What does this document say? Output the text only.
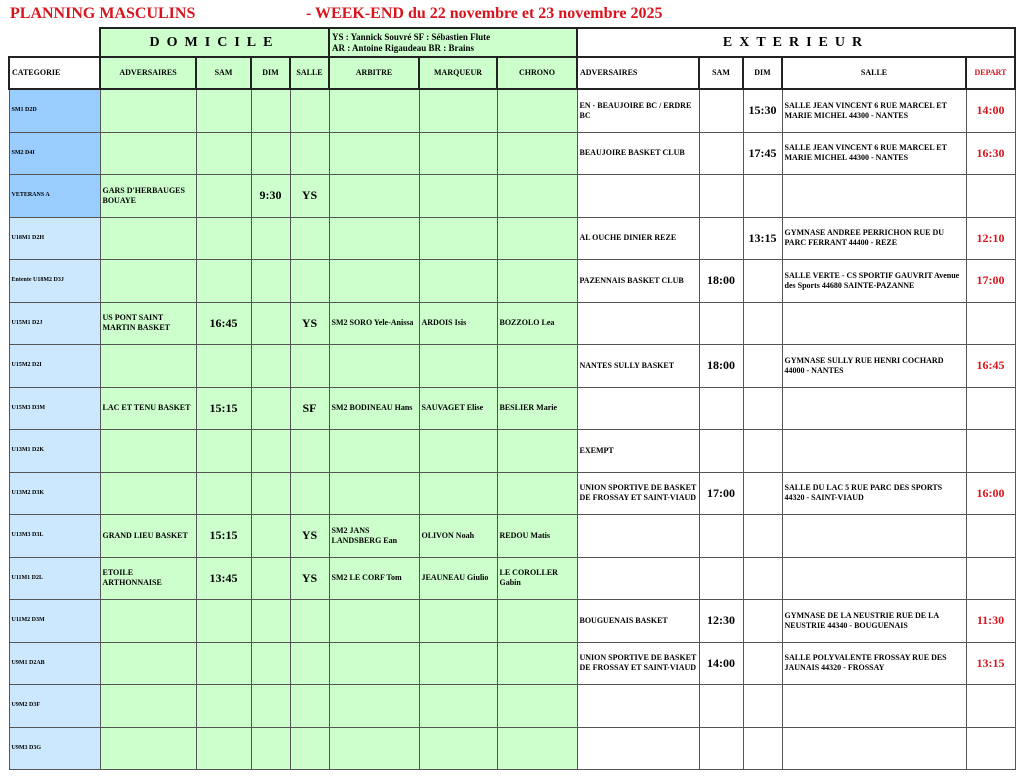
PLANNING MASCULINS	- WEEK-END du 22 novembre et 23 novembre 2025
	DOMICILE				YS : Yannick Souvré SF : Sébastien Flute
AR : Antoine Rigaudeau BR : Brains			EXTERIEUR				
CATEGORIE	ADVERSAIRES	SAM	DIM	SALLE	ARBITRE	MARQUEUR	CHRONO	ADVERSAIRES	SAM	DIM	SALLE	DEPART
SM1 D2D								EN - BEAUJOIRE BC / ERDRE BC		15:30	SALLE JEAN VINCENT 6 RUE MARCEL ET MARIE MICHEL 44300 - NANTES	14:00
SM2 D4I								BEAUJOIRE BASKET CLUB		17:45	SALLE JEAN VINCENT 6 RUE MARCEL ET MARIE MICHEL 44300 - NANTES	16:30
VETERANS A	GARS D'HERBAUGES BOUAYE		9:30	YS								
U18M1 D2H								AL OUCHE DINIER REZE		13:15	GYMNASE ANDREE PERRICHON RUE DU PARC FERRANT 44400 - REZE	12:10
Entente U18M2 D3J								PAZENNAIS BASKET CLUB	18:00		SALLE VERTE - CS SPORTIF GAUVRIT Avenue des Sports 44680 SAINTE-PAZANNE	17:00
U15M1 D2J	US PONT SAINT MARTIN BASKET	16:45		YS	SM2 SORO Yele-Anissa	ARDOIS Isis	BOZZOLO Lea					
U15M2 D2I								NANTES SULLY BASKET	18:00		GYMNASE SULLY RUE HENRI COCHARD 44000 - NANTES	16:45
U15M3 D3M	LAC ET TENU BASKET	15:15		SF	SM2 BODINEAU Hans	SAUVAGET Elise	BESLIER Marie					
U13M1 D2K								EXEMPT				
U13M2 D3K								UNION SPORTIVE DE BASKET DE FROSSAY ET SAINT-VIAUD	17:00		SALLE DU LAC 5 RUE PARC DES SPORTS 44320 - SAINT-VIAUD	16:00
U13M3 D3L	GRAND LIEU BASKET	15:15		YS	SM2 JANS LANDSBERG Ean	OLIVON Noah	REDOU Matis					
U11M1 D2L	ETOILE ARTHONNAISE	13:45		YS	SM2 LE CORF Tom	JEAUNEAU Giulio	LE COROLLER Gabin					
U11M2 D3M								BOUGUENAIS BASKET	12:30		GYMNASE DE LA NEUSTRIE RUE DE LA NEUSTRIE 44340 - BOUGUENAIS	11:30
U9M1 D2AB								UNION SPORTIVE DE BASKET DE FROSSAY ET SAINT-VIAUD	14:00		SALLE POLYVALENTE FROSSAY RUE DES JAUNAIS 44320 - FROSSAY	13:15
U9M2 D3F												
U9M3 D3G												
